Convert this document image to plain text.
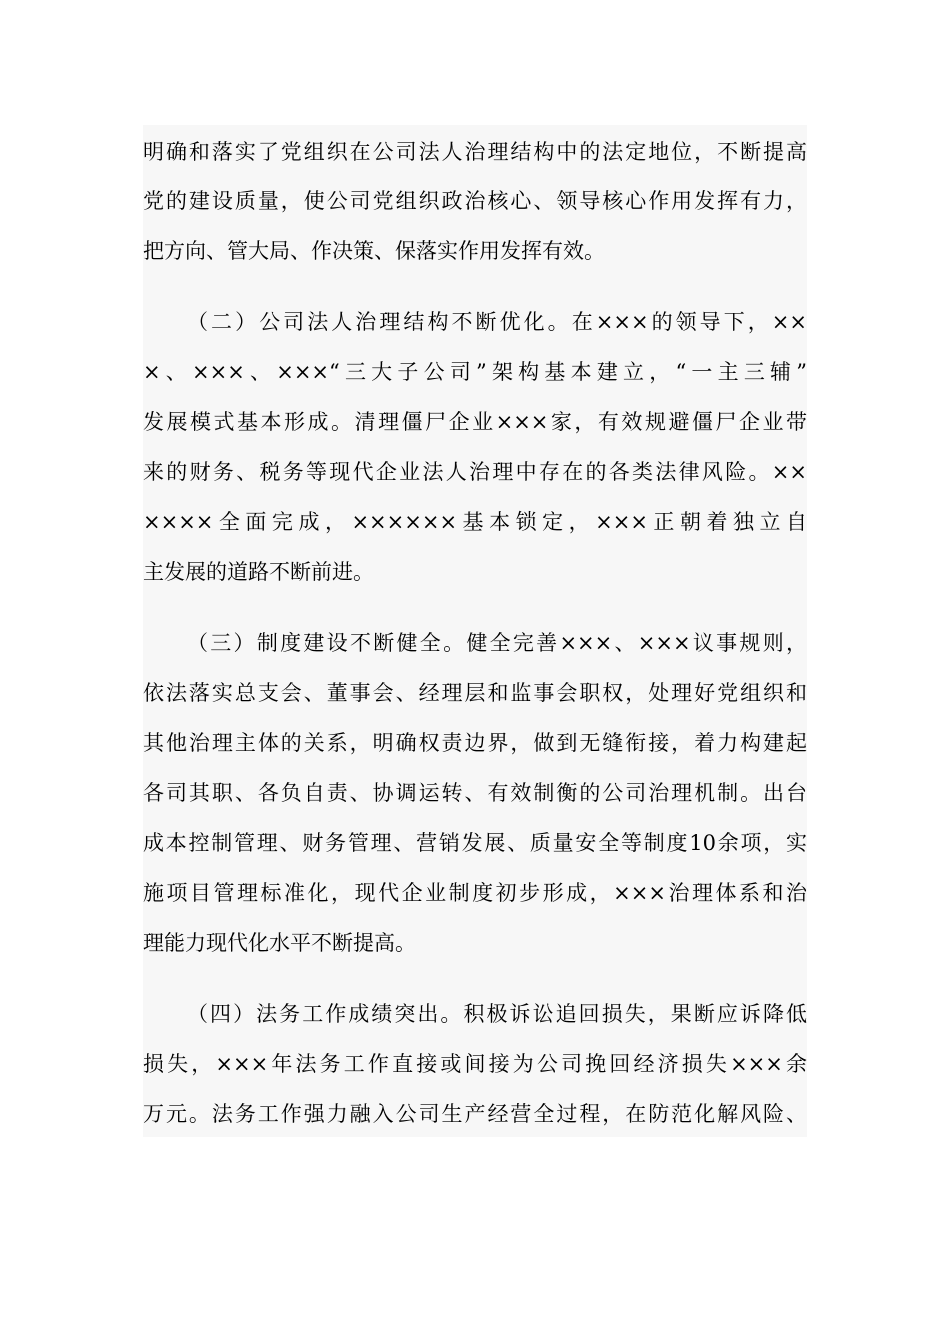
明确和落实了党组织在公司法人治理结构中的法定地位，不断提高
党的建设质量，使公司党组织政治核心、领导核心作用发挥有力，
把方向、管大局、作决策、保落实作用发挥有效。
（二）公司法人治理结构不断优化。在×××的领导下，××
×、×××、×××“三大子公司”架构基本建立，“一主三辅”
发展模式基本形成。清理僵尸企业×××家，有效规避僵尸企业带
来的财务、税务等现代企业法人治理中存在的各类法律风险。××
××××全面完成，××××××基本锁定，×××正朝着独立自
主发展的道路不断前进。
（三）制度建设不断健全。健全完善×××、×××议事规则，
依法落实总支会、董事会、经理层和监事会职权，处理好党组织和
其他治理主体的关系，明确权责边界，做到无缝衔接，着力构建起
各司其职、各负自责、协调运转、有效制衡的公司治理机制。出台
成本控制管理、财务管理、营销发展、质量安全等制度10余项，实
施项目管理标准化，现代企业制度初步形成，×××治理体系和治
理能力现代化水平不断提高。
（四）法务工作成绩突出。积极诉讼追回损失，果断应诉降低
损失，×××年法务工作直接或间接为公司挽回经济损失×××余
万元。法务工作强力融入公司生产经营全过程，在防范化解风险、
